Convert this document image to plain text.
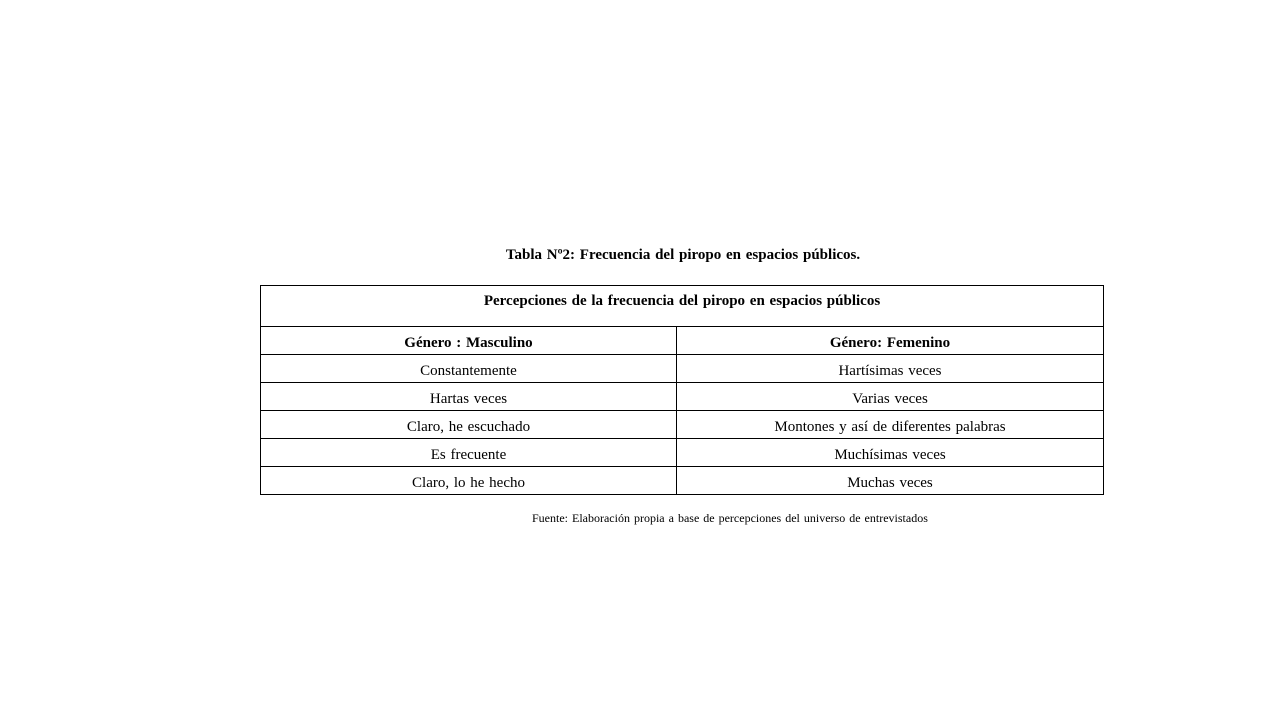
Tabla Nº2: Frecuencia del piropo en espacios públicos.
Percepciones de la frecuencia del piropo en espacios públicos	
Género : Masculino	Género: Femenino
Constantemente	Hartísimas veces
Hartas veces	Varias veces
Claro, he escuchado	Montones y así de diferentes palabras
Es frecuente	Muchísimas veces
Claro, lo he hecho	Muchas veces
Fuente: Elaboración propia a base de percepciones del universo de entrevistados
